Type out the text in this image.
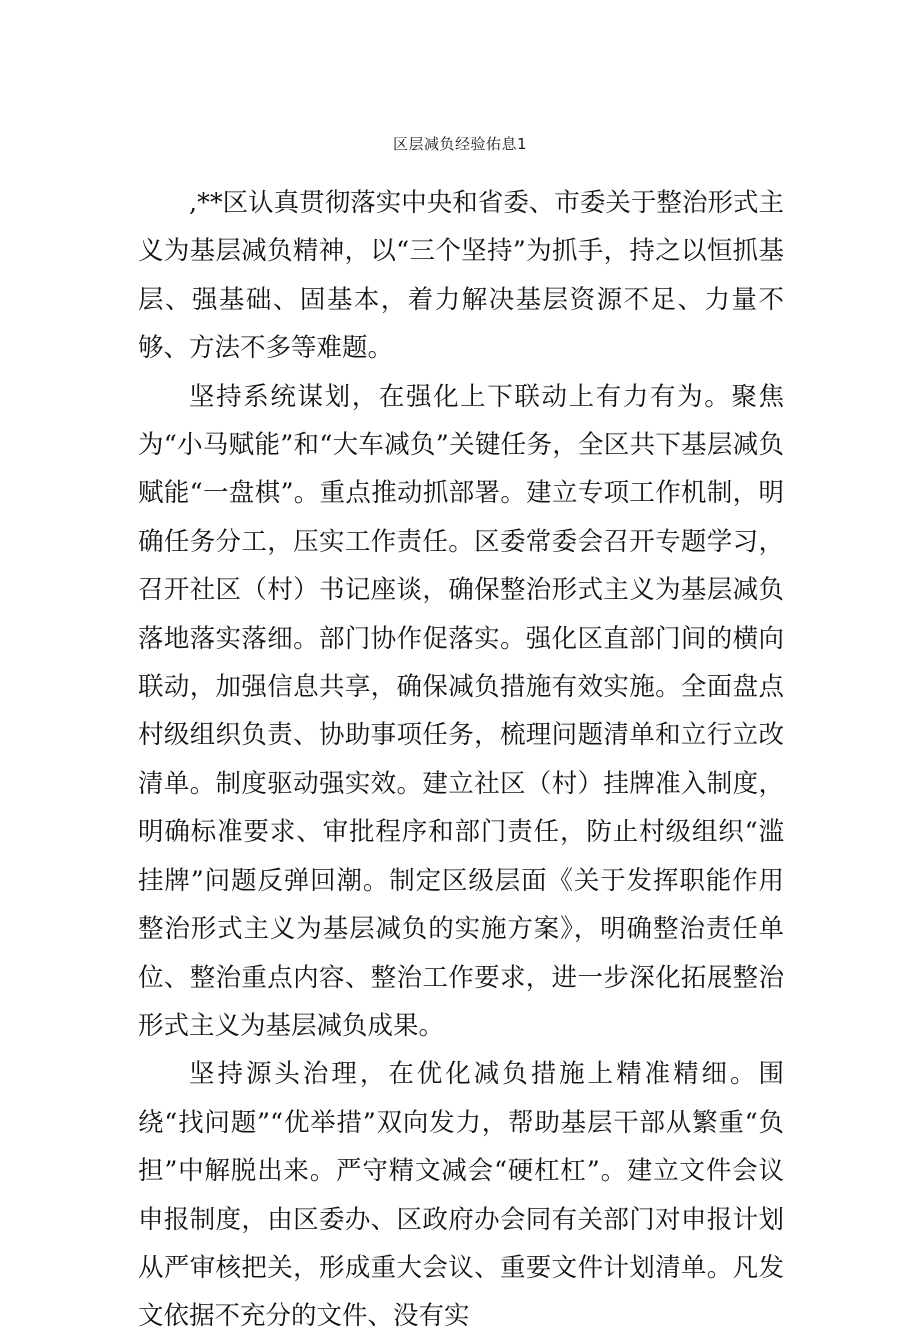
区层减负经验佑息1

,**区认真贯彻落实中央和省委、市委关于整治形式主义为基层减负精神，以“三个坚持”为抓手，持之以恒抓基层、强基础、固基本，着力解决基层资源不足、力量不够、方法不多等难题。

坚持系统谋划，在强化上下联动上有力有为。聚焦为“小马赋能”和“大车减负”关键任务，全区共下基层减负赋能“一盘棋”。重点推动抓部署。建立专项工作机制，明确任务分工，压实工作责任。区委常委会召开专题学习，召开社区（村）书记座谈，确保整治形式主义为基层减负落地落实落细。部门协作促落实。强化区直部门间的横向联动，加强信息共享，确保减负措施有效实施。全面盘点村级组织负责、协助事项任务，梳理问题清单和立行立改清单。制度驱动强实效。建立社区（村）挂牌准入制度，明确标准要求、审批程序和部门责任，防止村级组织“滥挂牌”问题反弹回潮。制定区级层面《关于发挥职能作用整治形式主义为基层减负的实施方案》，明确整治责任单位、整治重点内容、整治工作要求，进一步深化拓展整治形式主义为基层减负成果。

坚持源头治理，在优化减负措施上精准精细。围绕“找问题”“优举措”双向发力，帮助基层干部从繁重“负担”中解脱出来。严守精文减会“硬杠杠”。建立文件会议申报制度，由区委办、区政府办会同有关部门对申报计划从严审核把关，形成重大会议、重要文件计划清单。凡发文依据不充分的文件、没有实
